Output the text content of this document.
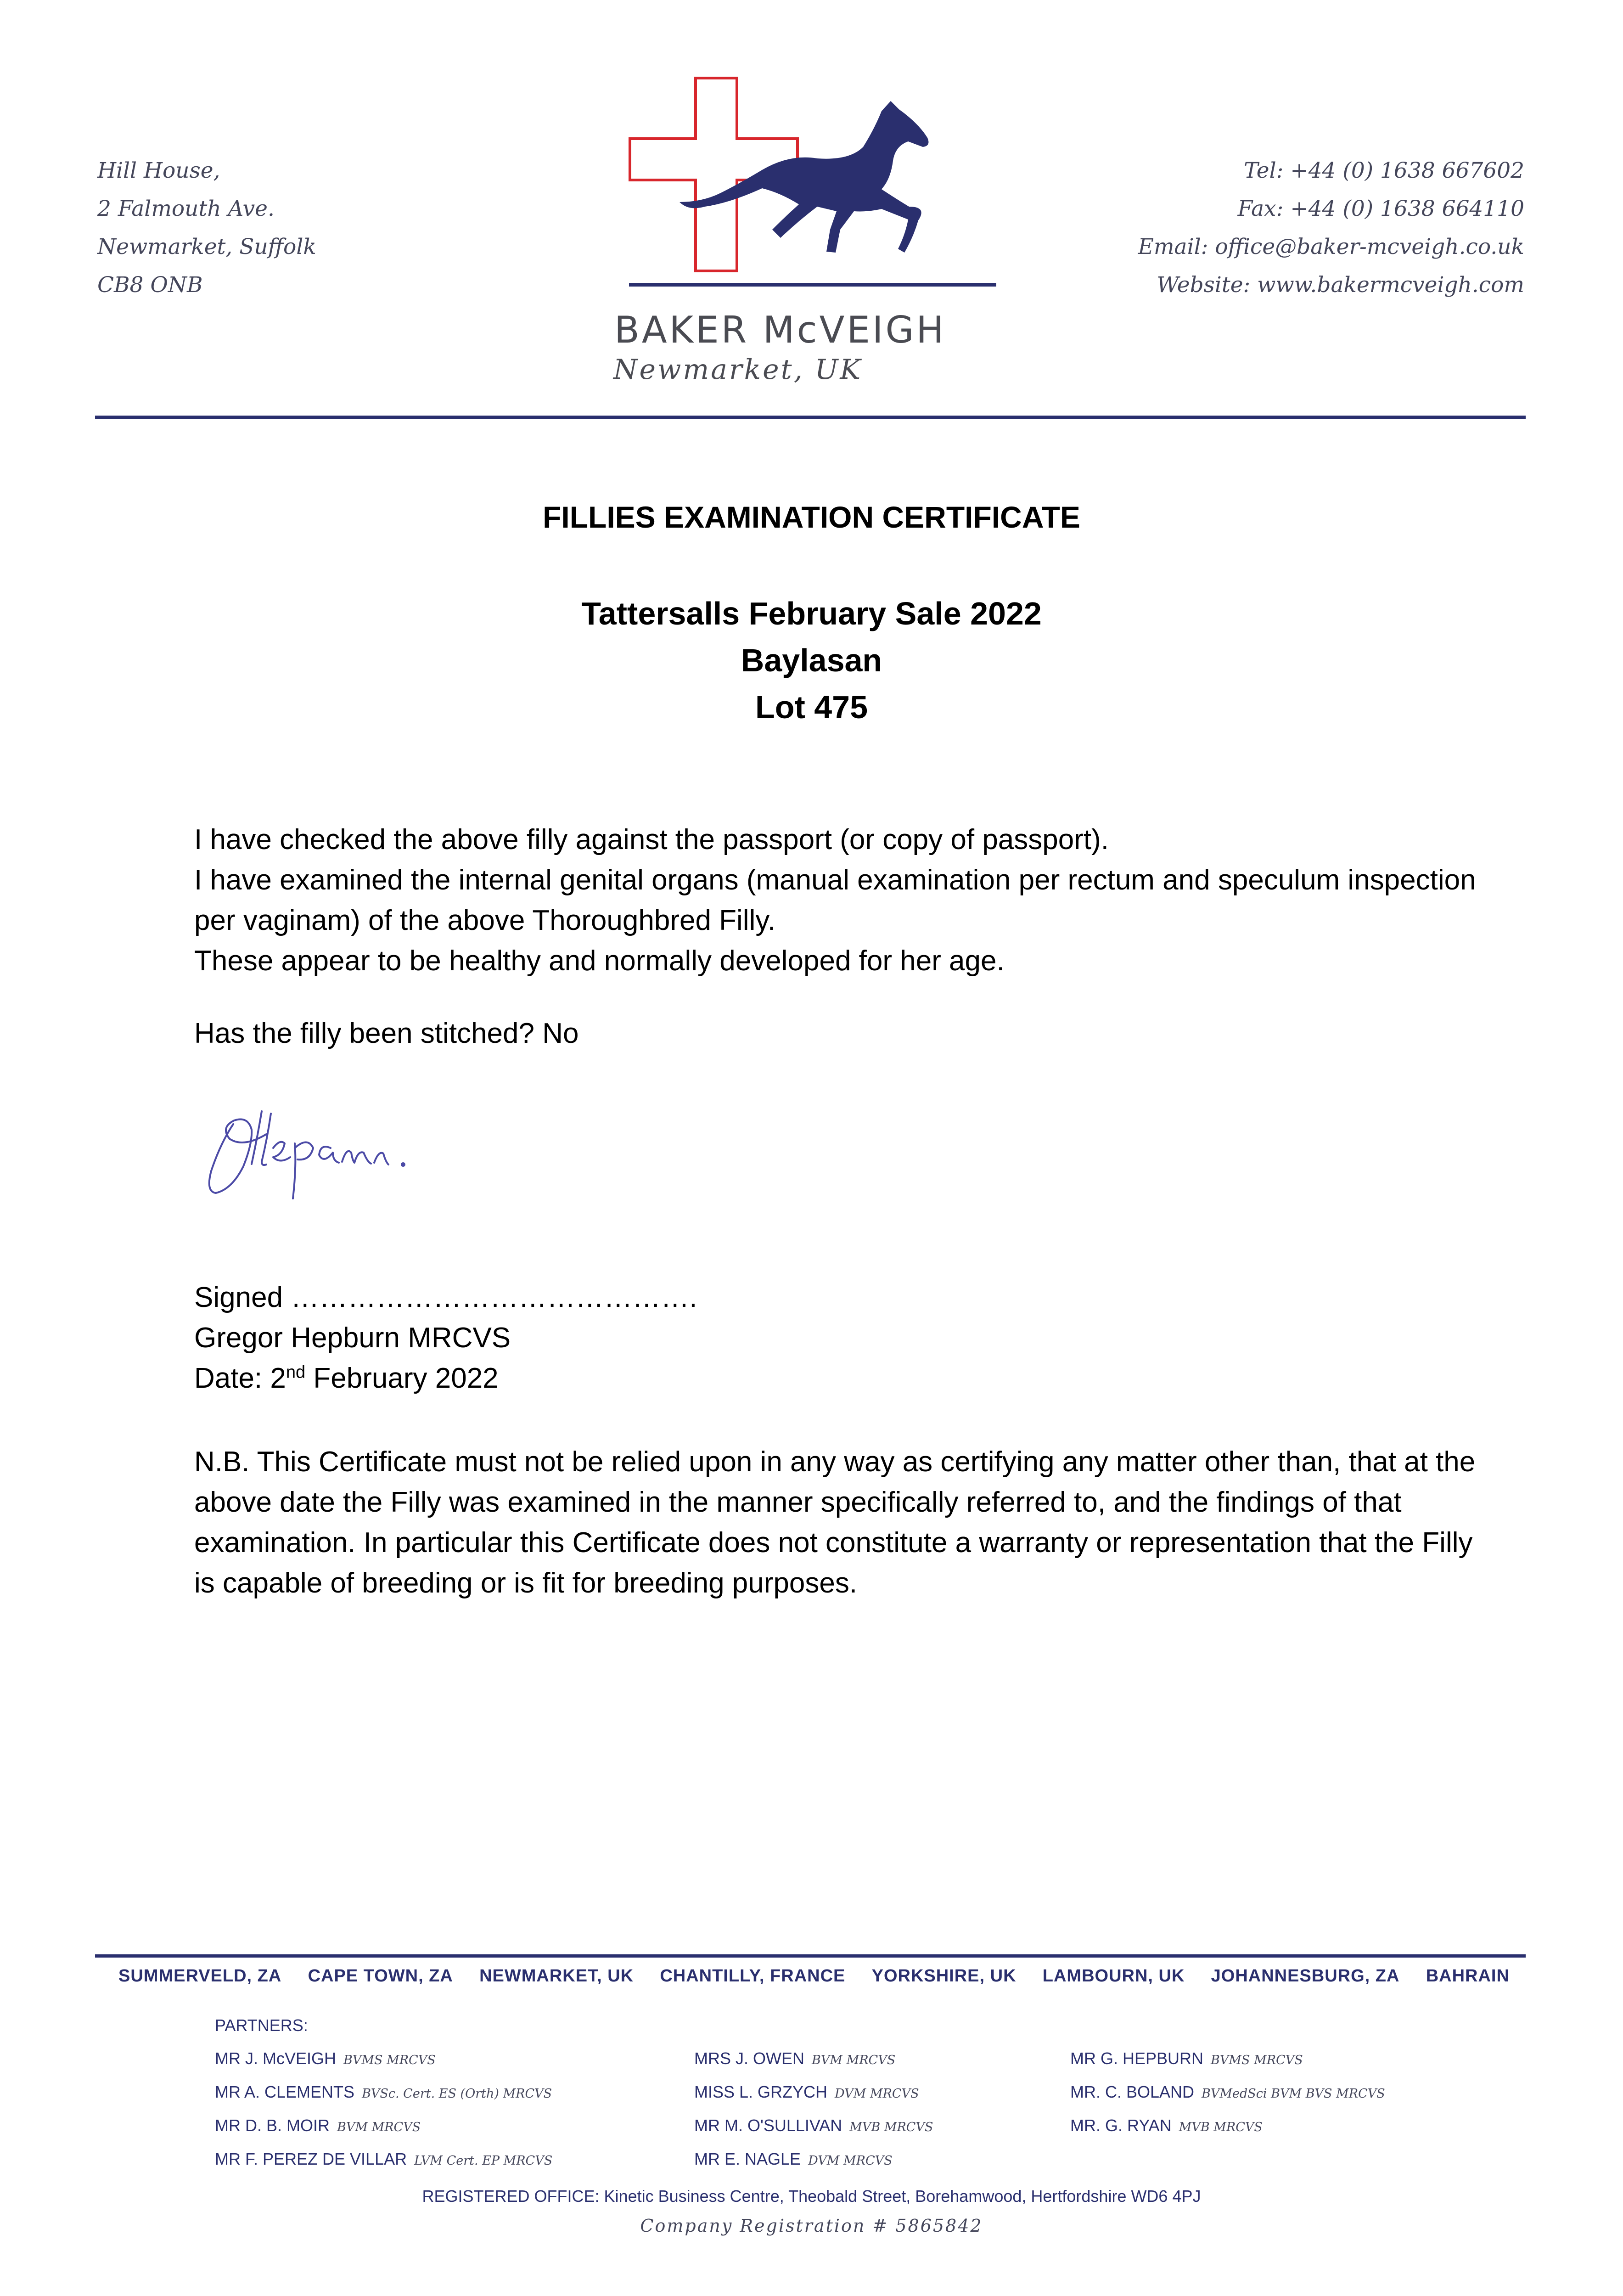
Hill House,
2 Falmouth Ave.
Newmarket, Suffolk
CB8 ONB
BAKER McVEIGH
Newmarket, UK
Tel: +44 (0) 1638 667602
Fax: +44 (0) 1638 664110
Email: office@baker-mcveigh.co.uk
Website: www.bakermcveigh.com
FILLIES EXAMINATION CERTIFICATE
Tattersalls February Sale 2022
Baylasan
Lot 475
I have checked the above filly against the passport (or copy of passport).
I have examined the internal genital organs (manual examination per rectum and speculum inspection per vaginam) of the above Thoroughbred Filly.
These appear to be healthy and normally developed for her age.
Has the filly been stitched? No
Signed …………………………………….
Gregor Hepburn MRCVS
Date: 2nd February 2022
N.B. This Certificate must not be relied upon in any way as certifying any matter other than, that at the above date the Filly was examined in the manner specifically referred to, and the findings of that examination. In particular this Certificate does not constitute a warranty or representation that the Filly is capable of breeding or is fit for breeding purposes.
SUMMERVELD, ZA CAPE TOWN, ZA NEWMARKET, UK CHANTILLY, FRANCE YORKSHIRE, UK LAMBOURN, UK JOHANNESBURG, ZA BAHRAIN
PARTNERS:
MR J. McVEIGH BVMS MRCVS
MR A. CLEMENTS BVSc. Cert. ES (Orth) MRCVS
MR D. B. MOIR BVM MRCVS
MR F. PEREZ DE VILLAR LVM Cert. EP MRCVS
MRS J. OWEN BVM MRCVS
MISS L. GRZYCH DVM MRCVS
MR M. O'SULLIVAN MVB MRCVS
MR E. NAGLE DVM MRCVS
MR G. HEPBURN BVMS MRCVS
MR. C. BOLAND BVMedSci BVM BVS MRCVS
MR. G. RYAN MVB MRCVS
REGISTERED OFFICE: Kinetic Business Centre, Theobald Street, Borehamwood, Hertfordshire WD6 4PJ
Company Registration # 5865842
